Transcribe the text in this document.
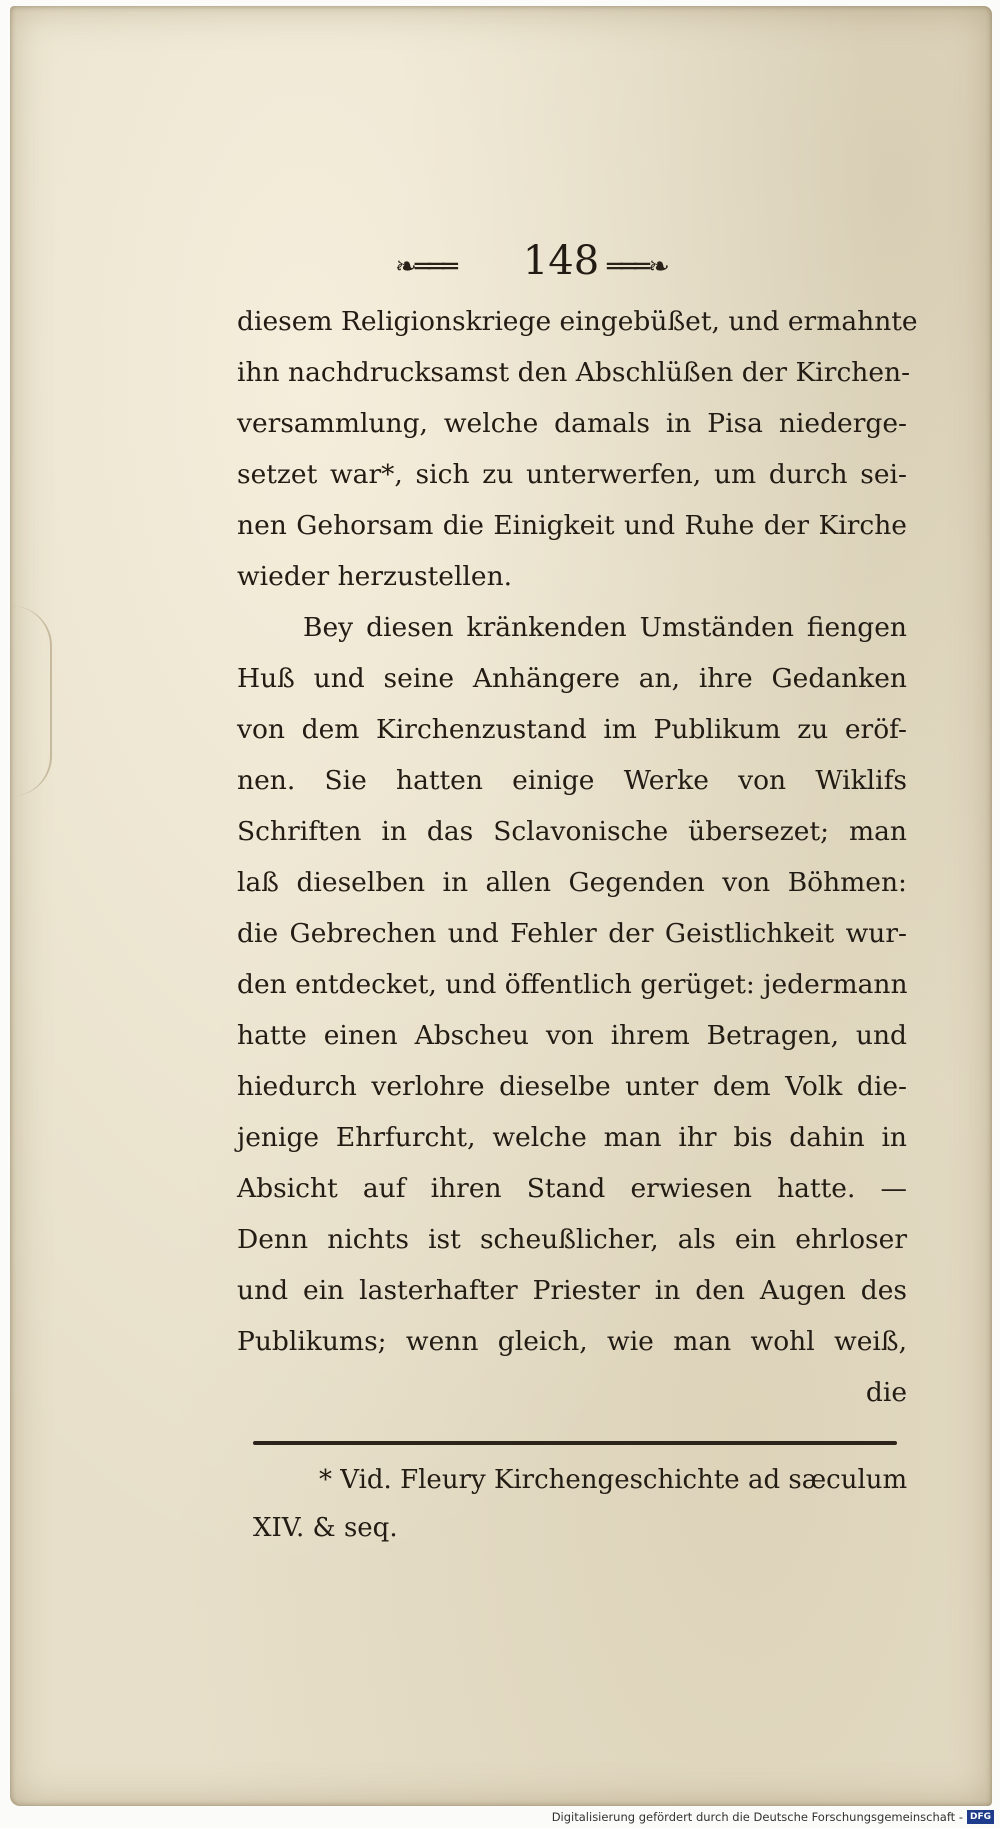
❧═══ 148 ═══❧
diesem Religionskriege eingebüßet, und ermahnte
ihn nachdrucksamst den Abschlüßen der Kirchen-
versammlung, welche damals in Pisa niederge-
setzet war*, sich zu unterwerfen, um durch sei-
nen Gehorsam die Einigkeit und Ruhe der Kirche
wieder herzustellen.
Bey diesen kränkenden Umständen fiengen
Huß und seine Anhängere an, ihre Gedanken
von dem Kirchenzustand im Publikum zu eröf-
nen. Sie hatten einige Werke von Wiklifs
Schriften in das Sclavonische übersezet; man
laß dieselben in allen Gegenden von Böhmen:
die Gebrechen und Fehler der Geistlichkeit wur-
den entdecket, und öffentlich gerüget: jedermann
hatte einen Abscheu von ihrem Betragen, und
hiedurch verlohre dieselbe unter dem Volk die-
jenige Ehrfurcht, welche man ihr bis dahin in
Absicht auf ihren Stand erwiesen hatte. —
Denn nichts ist scheußlicher, als ein ehrloser
und ein lasterhafter Priester in den Augen des
Publikums; wenn gleich, wie man wohl weiß,
die
* Vid. Fleury Kirchengeschichte ad sæculum
XIV. & seq.
Digitalisierung gefördert durch die Deutsche Forschungsgemeinschaft - DFG
